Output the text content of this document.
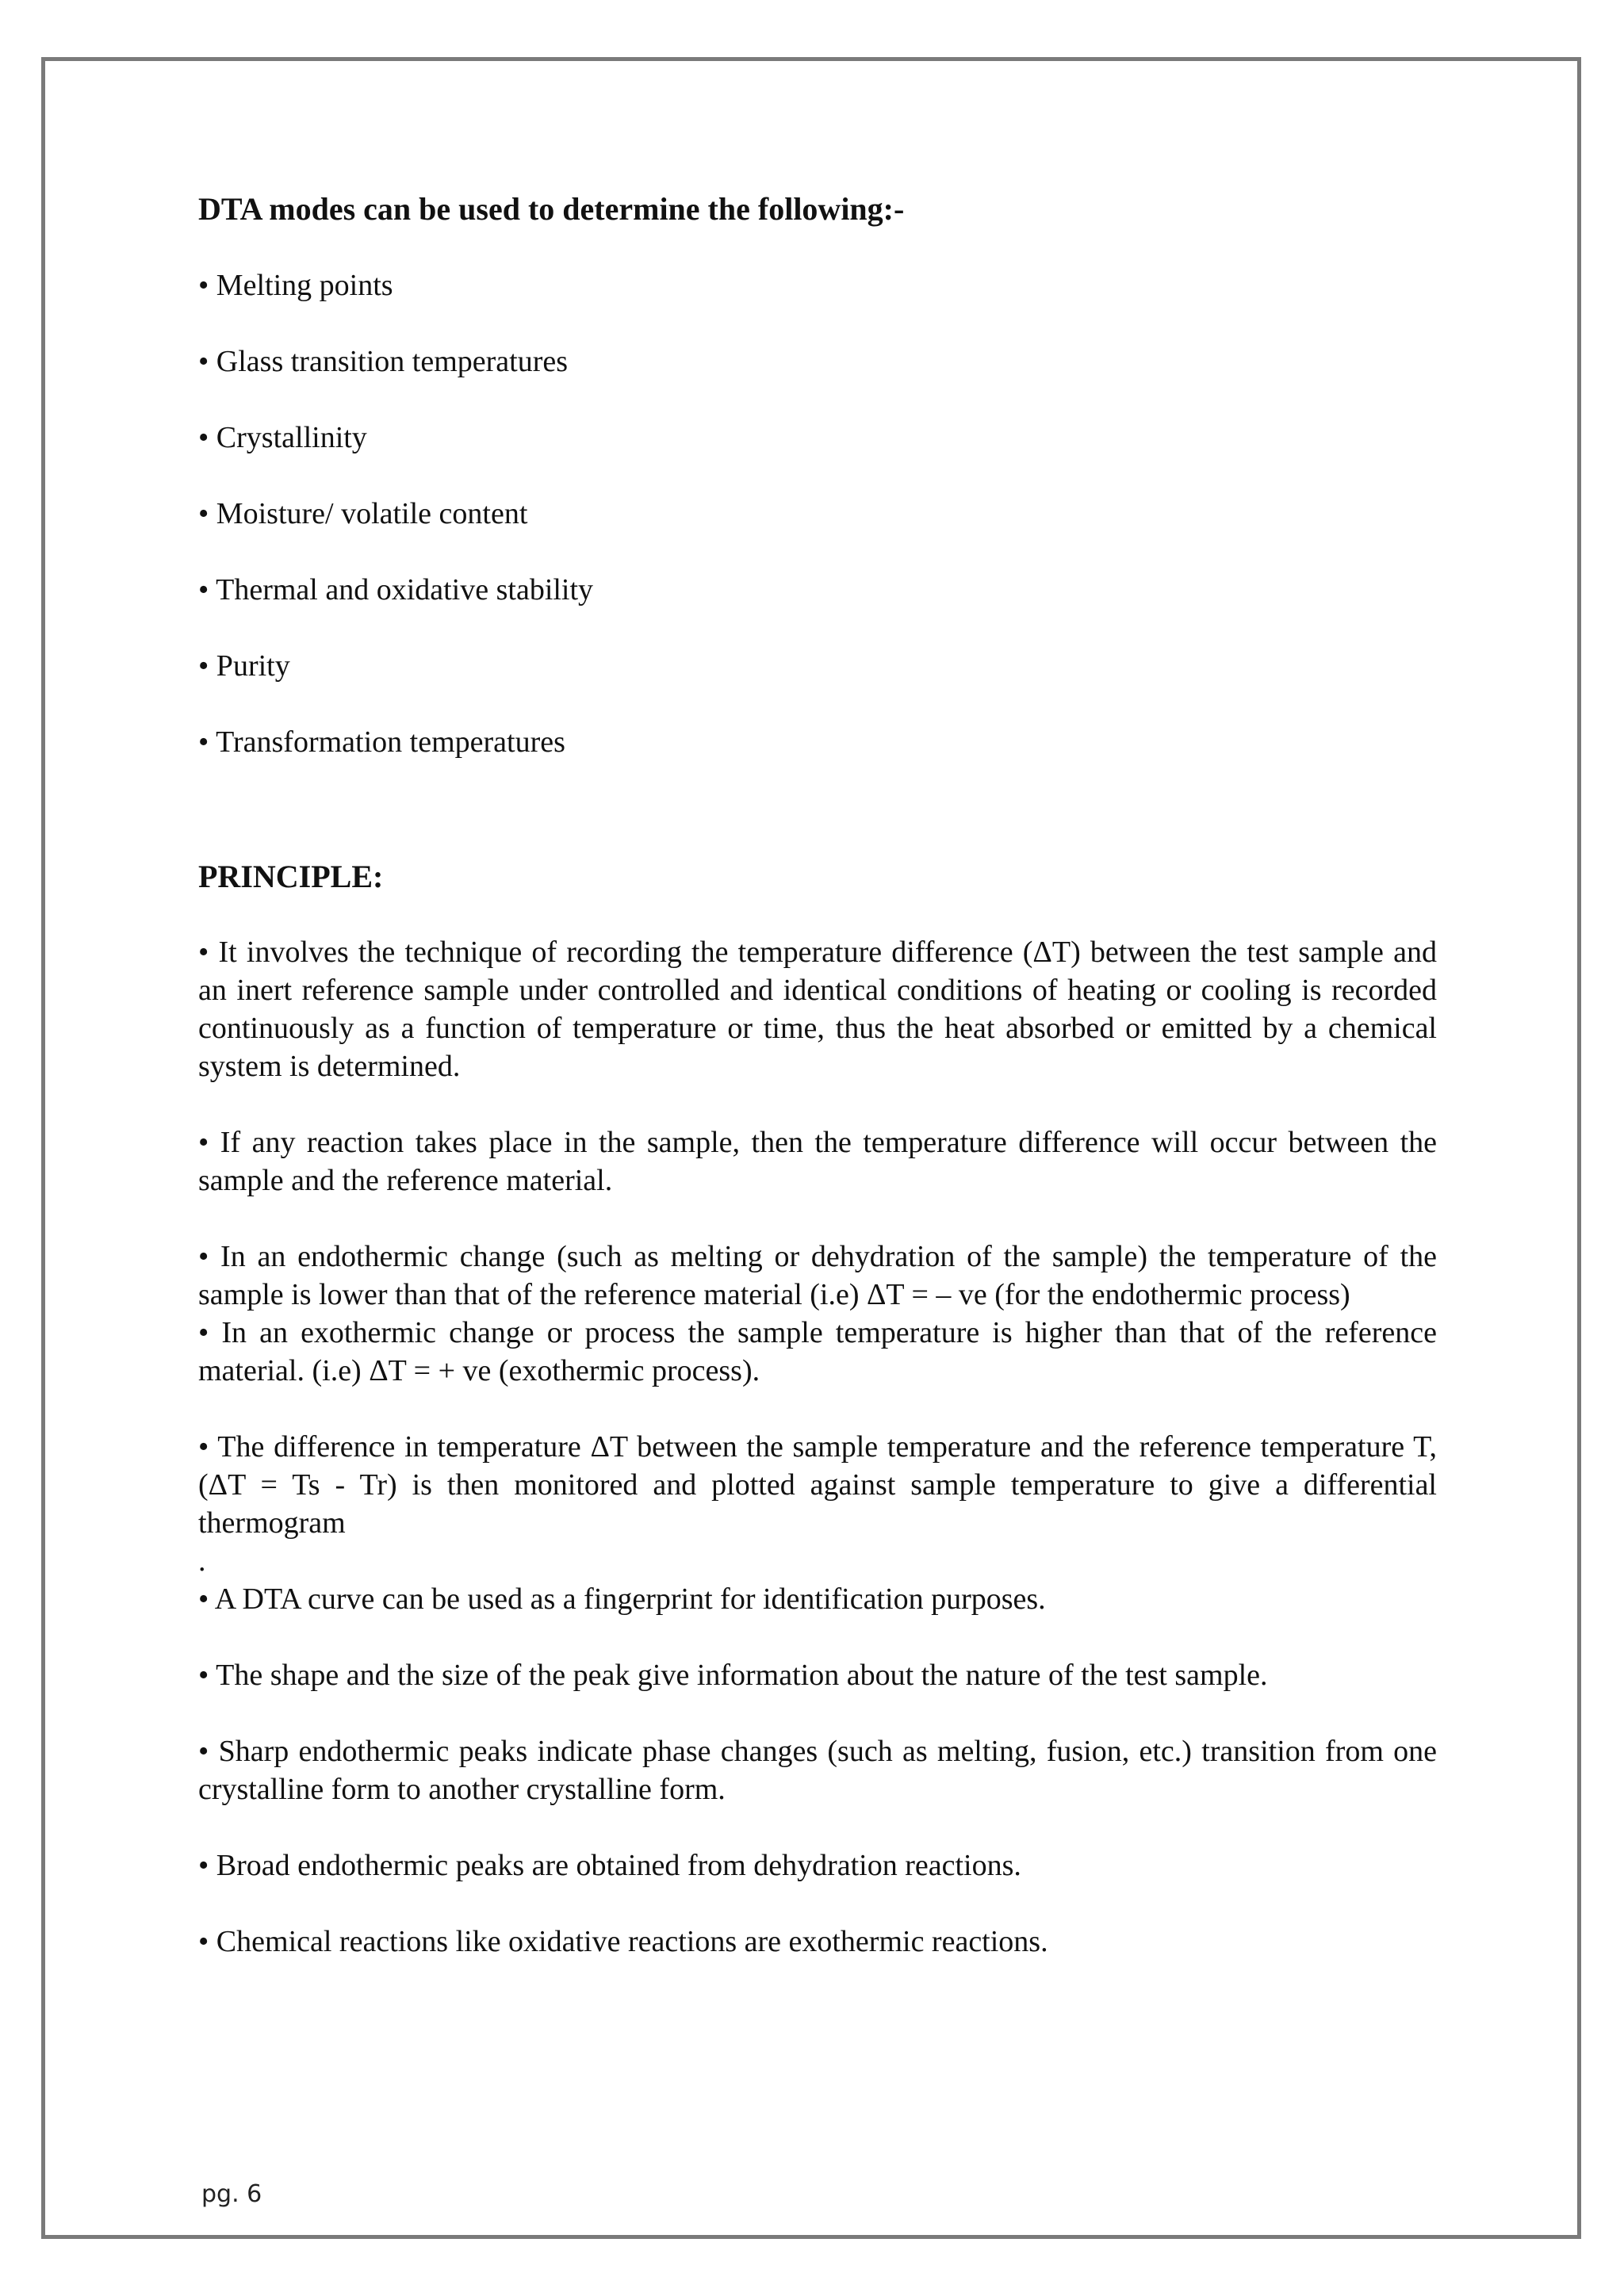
DTA modes can be used to determine the following:-
• Melting points
• Glass transition temperatures
• Crystallinity
• Moisture/ volatile content
• Thermal and oxidative stability
• Purity
• Transformation temperatures
PRINCIPLE:

• It involves the technique of recording the temperature difference (ΔT) between the test sample and an inert reference sample under controlled and identical conditions of heating or cooling is recorded continuously as a function of temperature or time, thus the heat absorbed or emitted by a chemical system is determined.

• If any reaction takes place in the sample, then the temperature difference will occur between the sample and the reference material.

• In an endothermic change (such as melting or dehydration of the sample) the temperature of the sample is lower than that of the reference material (i.e) ΔT = – ve (for the endothermic process)

• In an exothermic change or process the sample temperature is higher than that of the reference material. (i.e) ΔT = + ve (exothermic process).

• The difference in temperature ΔT between the sample temperature and the reference temperature T, (ΔT = Ts - Tr) is then monitored and plotted against sample temperature to give a differential thermogram

.

• A DTA curve can be used as a fingerprint for identification purposes.

• The shape and the size of the peak give information about the nature of the test sample.

• Sharp endothermic peaks indicate phase changes (such as melting, fusion, etc.) transition from one crystalline form to another crystalline form.

• Broad endothermic peaks are obtained from dehydration reactions.

• Chemical reactions like oxidative reactions are exothermic reactions.

pg. 6
